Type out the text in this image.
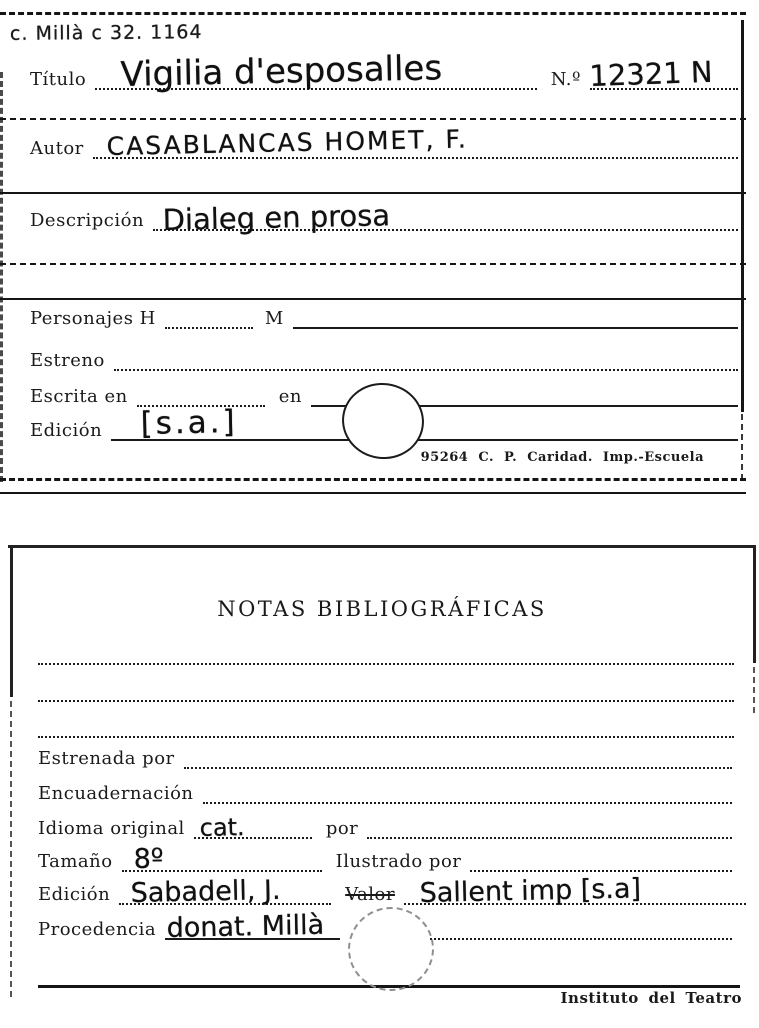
c. Millà c 32. 1164
Título Vigilia d'esposalles	N.º 12321 N
Autor CASABLANCAS HOMET, F.
Descripción Dialeg en prosa
Personajes H	M
Estreno
Escrita en	en
Edición [s.a.]
95264 C. P. Caridad. Imp.-Escuela
NOTAS BIBLIOGRÁFICAS
Estrenada por
Encuadernación
Idioma original cat.	por
Tamaño 8º	Ilustrado por
Edición Sabadell, J.	Valor Sallent imp [s.a]
Procedencia donat. Millà
Instituto del Teatro
